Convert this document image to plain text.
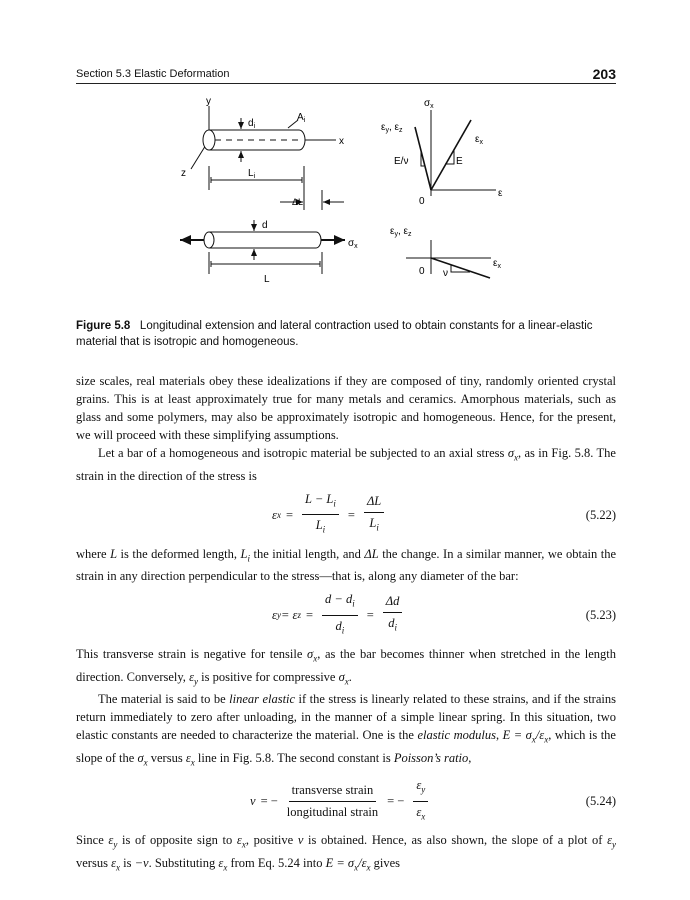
Section 5.3 Elastic Deformation	203
y
$d_i$
$A_i$
x
z	$L_i$
ΔL
d
$\sigma_x$
L
$\sigma_x$
$\varepsilon_y$, $\varepsilon_z$
$\varepsilon_x$
E/ν	E
0
ε
$\varepsilon_y$, $\varepsilon_z$
$\varepsilon_x$
0 ν
Figure 5.8 Longitudinal extension and lateral contraction used to obtain constants for a linear-elastic material that is isotropic and homogeneous.

size scales, real materials obey these idealizations if they are composed of tiny, randomly oriented crystal grains. This is at least approximately true for many metals and ceramics. Amorphous materials, such as glass and some polymers, may also be approximately isotropic and homogeneous. Hence, for the present, we will proceed with these simplifying assumptions.

Let a bar of a homogeneous and isotropic material be subjected to an axial stress $\sigma_x$, as in Fig. 5.8. The strain in the direction of the stress is

ε $x = \frac{L - L_i}{L_i} = \frac{\Delta L}{L_i}$	(5.22)

where L is the deformed length, $L_i$ the initial length, and ΔL the change. In a similar manner, we obtain the strain in any direction perpendicular to the stress—that is, along any diameter of the bar:

ε y = ε $z = \frac{d - d_i}{d_i} = \frac{\Delta d}{d_i}$	(5.23)

This transverse strain is negative for tensile $\sigma_x$, as the bar becomes thinner when stretched in the length direction. Conversely, $\varepsilon_y$ is positive for compressive $\sigma_x$.

The material is said to be linear elastic if the stress is linearly related to these strains, and if the strains return immediately to zero after unloading, in the manner of a simple linear spring. In this situation, two elastic constants are needed to characterize the material. One is the elastic modulus, $E = \sigma_x/\varepsilon_x$, which is the slope of the $\sigma_x$ versus $\varepsilon_x$ line in Fig. 5.8. The second constant is Poisson’s ratio,

ν = − $\frac{\text{transverse strain}}{\text{longitudinal strain}}$ = − $\frac{\varepsilon_y}{\varepsilon_x}$	(5.24)

Since $\varepsilon_y$ is of opposite sign to $\varepsilon_x$, positive ν is obtained. Hence, as also shown, the slope of a plot of $\varepsilon_y$ versus $\varepsilon_x$ is −ν. Substituting $\varepsilon_x$ from Eq. 5.24 into $E = \sigma_x/\varepsilon_x$ gives
